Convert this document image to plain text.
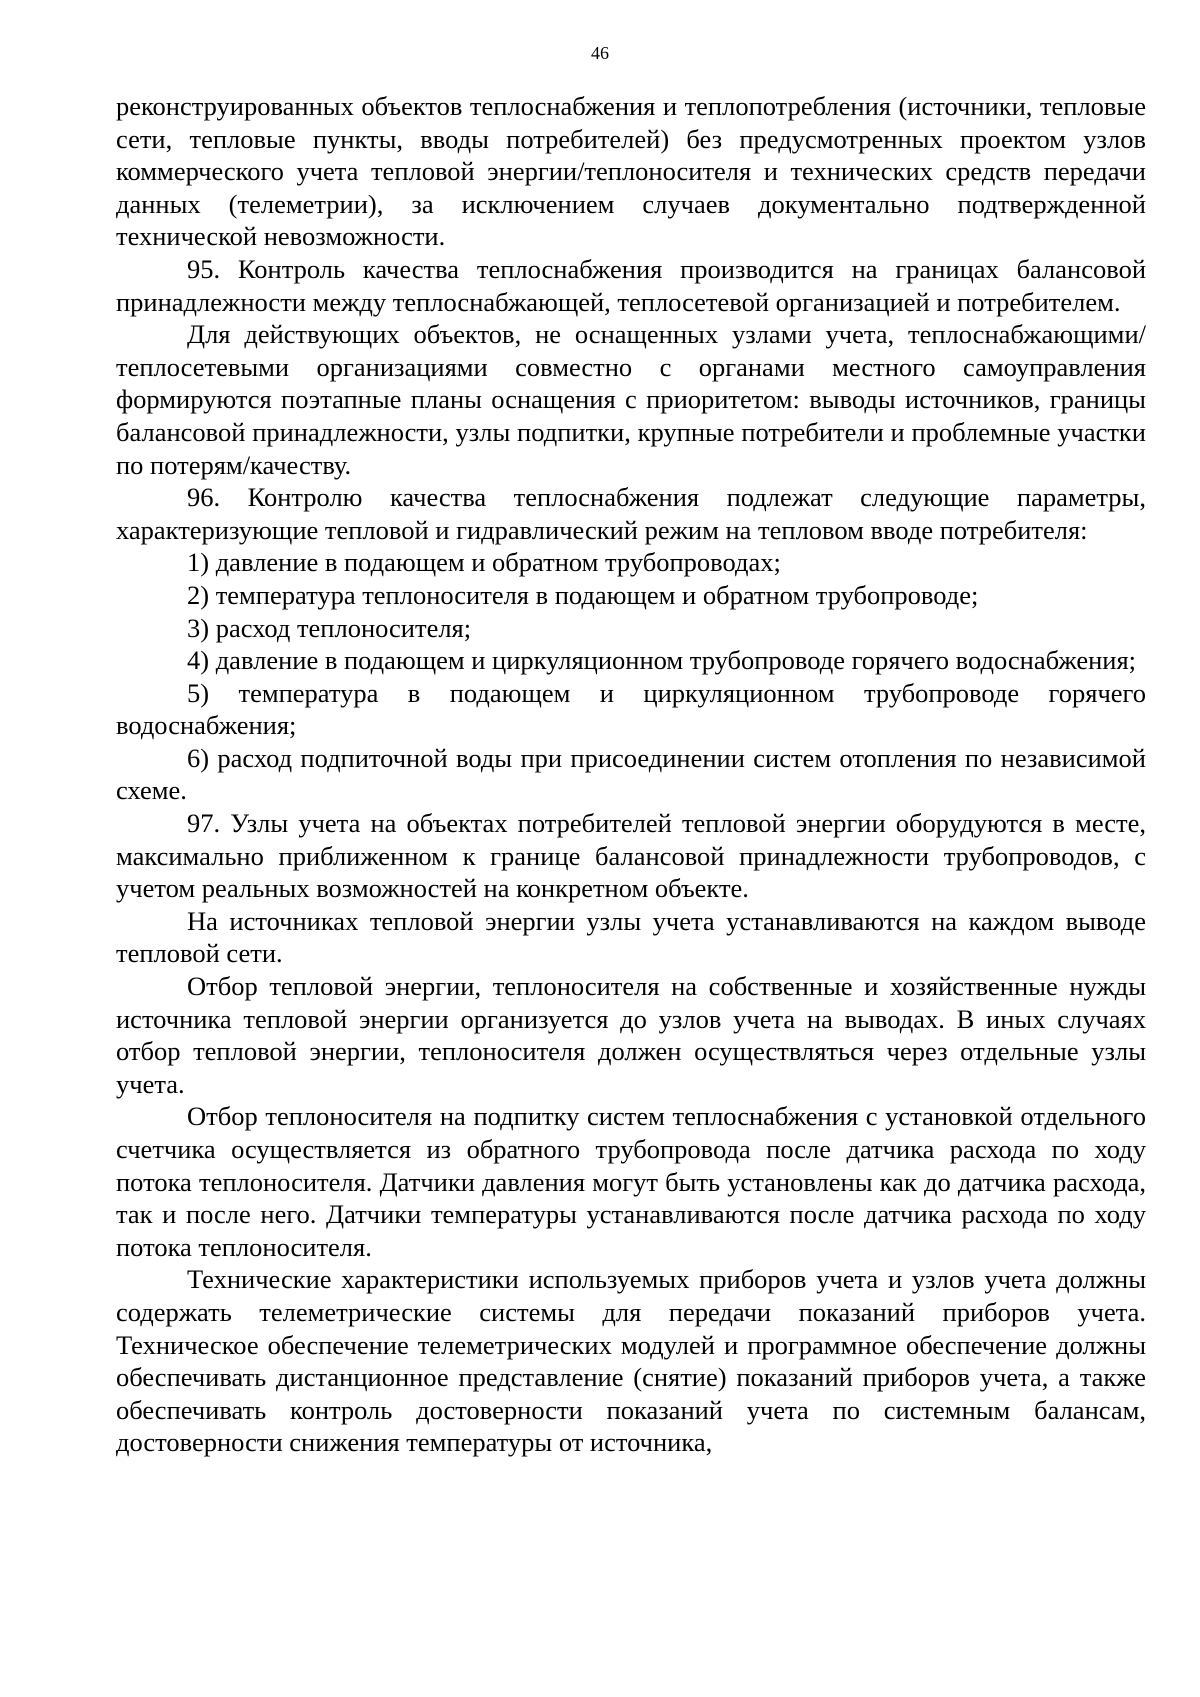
46

реконструированных объектов теплоснабжения и теплопотребления (источники, тепловые сети, тепловые пункты, вводы потребителей) без предусмотренных проектом узлов коммерческого учета тепловой энергии/теплоносителя и технических средств передачи данных (телеметрии), за исключением случаев документально подтвержденной технической невозможности.

95. Контроль качества теплоснабжения производится на границах балансовой принадлежности между теплоснабжающей, теплосетевой организацией и потребителем.

Для действующих объектов, не оснащенных узлами учета, теплоснабжающими/теплосетевыми организациями совместно с органами местного самоуправления формируются поэтапные планы оснащения с приоритетом: выводы источников, границы балансовой принадлежности, узлы подпитки, крупные потребители и проблемные участки по потерям/качеству.

96. Контролю качества теплоснабжения подлежат следующие параметры, характеризующие тепловой и гидравлический режим на тепловом вводе потребителя:

1) давление в подающем и обратном трубопроводах;

2) температура теплоносителя в подающем и обратном трубопроводе;

3) расход теплоносителя;

4) давление в подающем и циркуляционном трубопроводе горячего водоснабжения;

5) температура в подающем и циркуляционном трубопроводе горячего водоснабжения;

6) расход подпиточной воды при присоединении систем отопления по независимой схеме.

97. Узлы учета на объектах потребителей тепловой энергии оборудуются в месте, максимально приближенном к границе балансовой принадлежности трубопроводов, с учетом реальных возможностей на конкретном объекте.

На источниках тепловой энергии узлы учета устанавливаются на каждом выводе тепловой сети.

Отбор тепловой энергии, теплоносителя на собственные и хозяйственные нужды источника тепловой энергии организуется до узлов учета на выводах. В иных случаях отбор тепловой энергии, теплоносителя должен осуществляться через отдельные узлы учета.

Отбор теплоносителя на подпитку систем теплоснабжения с установкой отдельного счетчика осуществляется из обратного трубопровода после датчика расхода по ходу потока теплоносителя. Датчики давления могут быть установлены как до датчика расхода, так и после него. Датчики температуры устанавливаются после датчика расхода по ходу потока теплоносителя.

Технические характеристики используемых приборов учета и узлов учета должны содержать телеметрические системы для передачи показаний приборов учета. Техническое обеспечение телеметрических модулей и программное обеспечение должны обеспечивать дистанционное представление (снятие) показаний приборов учета, а также обеспечивать контроль достоверности показаний учета по системным балансам, достоверности снижения температуры от источника,
